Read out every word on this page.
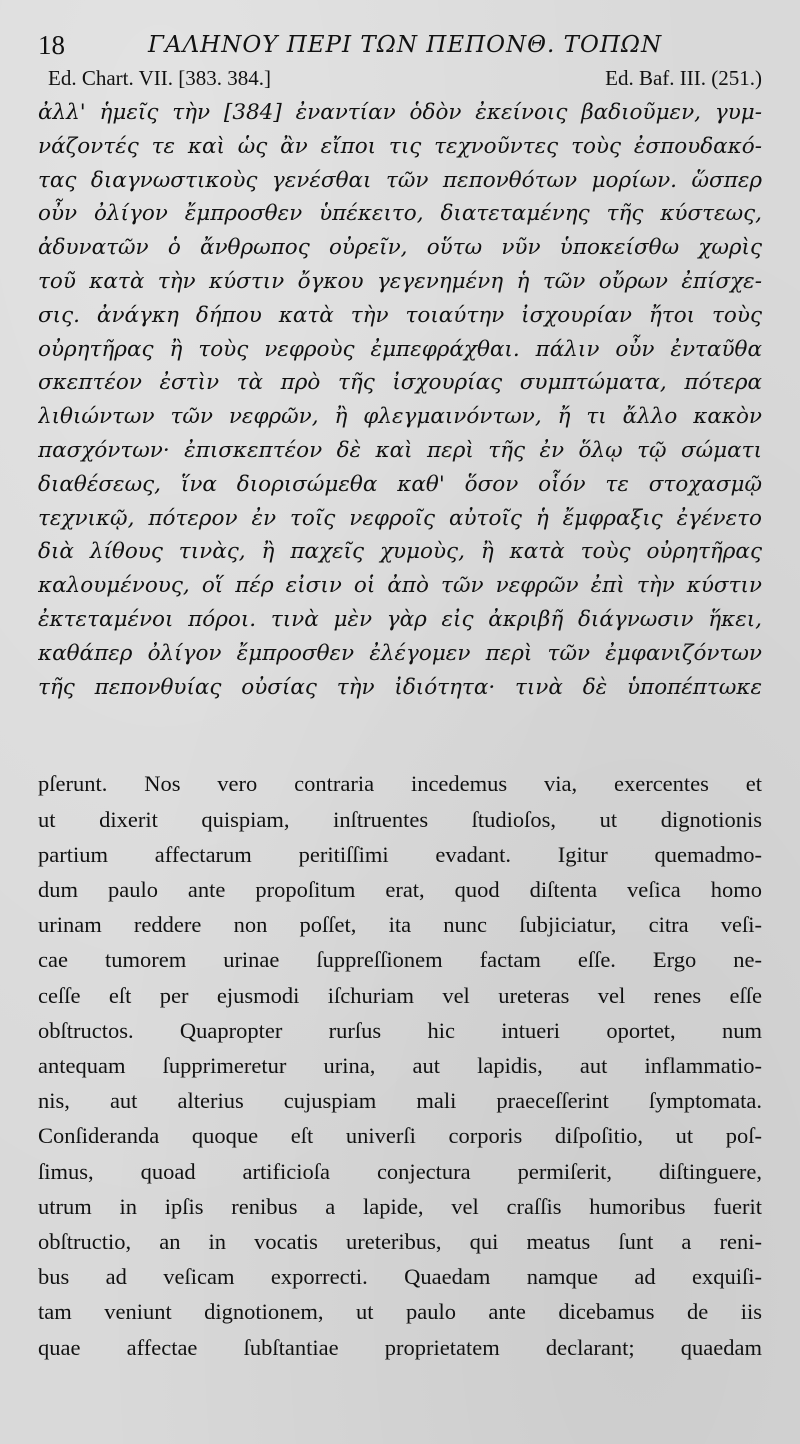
18	ΓΑΛΗΝΟΥ ΠΕΡΙ ΤΩΝ ΠΕΠΟΝΘ. ΤΟΠΩΝ
Ed. Chart. VII. [383. 384.]	Ed. Baf. III. (251.)
ἀλλ' ἡμεῖς τὴν [384] ἐναντίαν ὁδὸν ἐκείνοις βαδιοῦμεν, γυμ-
νάζοντές τε καὶ ὡς ἂν εἴποι τις τεχνοῦντες τοὺς ἐσπουδακό-
τας διαγνωστικοὺς γενέσθαι τῶν πεπονθότων μορίων. ὥσπερ
οὖν ὀλίγον ἔμπροσθεν ὑπέκειτο, διατεταμένης τῆς κύστεως,
ἀδυνατῶν ὁ ἄνθρωπος οὐρεῖν, οὕτω νῦν ὑποκείσθω χωρὶς
τοῦ κατὰ τὴν κύστιν ὄγκου γεγενημένη ἡ τῶν οὔρων ἐπίσχε-
σις. ἀνάγκη δήπου κατὰ τὴν τοιαύτην ἰσχουρίαν ἤτοι τοὺς
οὐρητῆρας ἢ τοὺς νεφροὺς ἐμπεφράχθαι. πάλιν οὖν ἐνταῦθα
σκεπτέον ἐστὶν τὰ πρὸ τῆς ἰσχουρίας συμπτώματα, πότερα
λιθιώντων τῶν νεφρῶν, ἢ φλεγμαινόντων, ἤ τι ἄλλο κακὸν
πασχόντων· ἐπισκεπτέον δὲ καὶ περὶ τῆς ἐν ὅλῳ τῷ σώματι
διαθέσεως, ἵνα διορισώμεθα καθ' ὅσον οἷόν τε στοχασμῷ
τεχνικῷ, πότερον ἐν τοῖς νεφροῖς αὐτοῖς ἡ ἔμφραξις ἐγένετο
διὰ λίθους τινὰς, ἢ παχεῖς χυμοὺς, ἢ κατὰ τοὺς οὐρητῆρας
καλουμένους, οἵ πέρ εἰσιν οἱ ἀπὸ τῶν νεφρῶν ἐπὶ τὴν κύστιν
ἐκτεταμένοι πόροι. τινὰ μὲν γὰρ εἰς ἀκριβῆ διάγνωσιν ἥκει,
καθάπερ ὀλίγον ἔμπροσθεν ἐλέγομεν περὶ τῶν ἐμφανιζόντων
τῆς πεπονθυίας οὐσίας τὴν ἰδιότητα· τινὰ δὲ ὑποπέπτωκε
pſerunt. Nos vero contraria incedemus via, exercentes et
ut dixerit quispiam, inſtruentes ſtudioſos, ut dignotionis
partium affectarum peritiſſimi evadant. Igitur quemadmo-
dum paulo ante propoſitum erat, quod diſtenta veſica homo
urinam reddere non poſſet, ita nunc ſubjiciatur, citra veſi-
cae tumorem urinae ſuppreſſionem factam eſſe. Ergo ne-
ceſſe eſt per ejusmodi iſchuriam vel ureteras vel renes eſſe
obſtructos. Quapropter rurſus hic intueri oportet, num
antequam ſupprimeretur urina, aut lapidis, aut inflammatio-
nis, aut alterius cujuspiam mali praeceſſerint ſymptomata.
Conſideranda quoque eſt univerſi corporis diſpoſitio, ut poſ-
ſimus, quoad artificioſa conjectura permiſerit, diſtinguere,
utrum in ipſis renibus a lapide, vel craſſis humoribus fuerit
obſtructio, an in vocatis ureteribus, qui meatus ſunt a reni-
bus ad veſicam exporrecti. Quaedam namque ad exquiſi-
tam veniunt dignotionem, ut paulo ante dicebamus de iis
quae affectae ſubſtantiae proprietatem declarant; quaedam
